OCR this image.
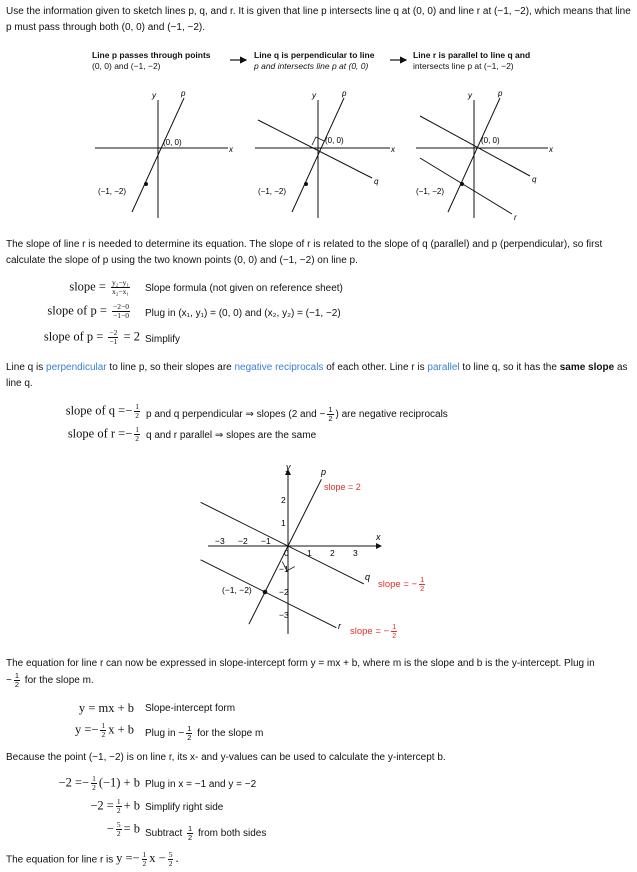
Use the information given to sketch lines p, q, and r. It is given that line p intersects line q at (0, 0) and line r at (−1, −2), which means that line p must pass through both (0, 0) and (−1, −2).
Line p passes through points
(0, 0) and (−1, −2)
Line q is perpendicular to line
p and intersects line p at (0, 0)
Line r is parallel to line q and
intersects line p at (−1, −2)
x
y	p
(0, 0)
(−1, −2)
x
y	p
q
(0, 0)
(−1, −2)
x
y	p
q
r
(0, 0)
(−1, −2)
The slope of line r is needed to determine its equation. The slope of r is related to the slope of q (parallel) and p (perpendicular), so first calculate the slope of p using the two known points (0, 0) and (−1, −2) on line p.
slope = $\frac{\text{y₂−y₁}}{\text{x₂−x₁}}$ Slope formula (not given on reference sheet)
slope of $p = \frac{-2-0}{-1-0}$ Plug in (x₁, y₁) = (0, 0) and (x₂, y₂) = (−1, −2)
slope of $p = \frac{-2}{-1} = 2$ Simplify
Line q is perpendicular to line p, so their slopes are negative reciprocals of each other. Line r is parallel to line q, so it has the same slope as line q.
slope of $q =- \frac{1}{2}$ p and q perpendicular ⇒ slopes (2 and − $\frac{1}{2}$ ) are negative reciprocals
slope of $r =- \frac{1}{2}$ q and r parallel ⇒ slopes are the same
−3 −2 −1
0 1 2 3
2
1
−1
−2
−3
x
y	p
q
r
(−1, −2)
slope = 2
slope = − $\frac{1}{2}$
slope = − $\frac{1}{2}$
The equation for line r can now be expressed in slope-intercept form y = mx + b, where m is the slope and b is the y-intercept. Plug in
− $\frac{1}{2}$ for the slope m.
y = mx + b Slope-intercept form
$y =- \frac{1}{2}$ x + b Plug in − $\frac{1}{2}$ for the slope m
Because the point (−1, −2) is on line r, its x- and y-values can be used to calculate the y-intercept b.
$-2 =- \frac{1}{2} (-1) + b$ Plug in x = −1 and y = −2
$-2 = \frac{1}{2} + b$ Simplify right side
− $\frac{5}{2} = b$ Subtract $\frac{1}{2}$ from both sides
The equation for line r is $y =- \frac{1}{2}$ $x - \frac{5}{2}$ .
